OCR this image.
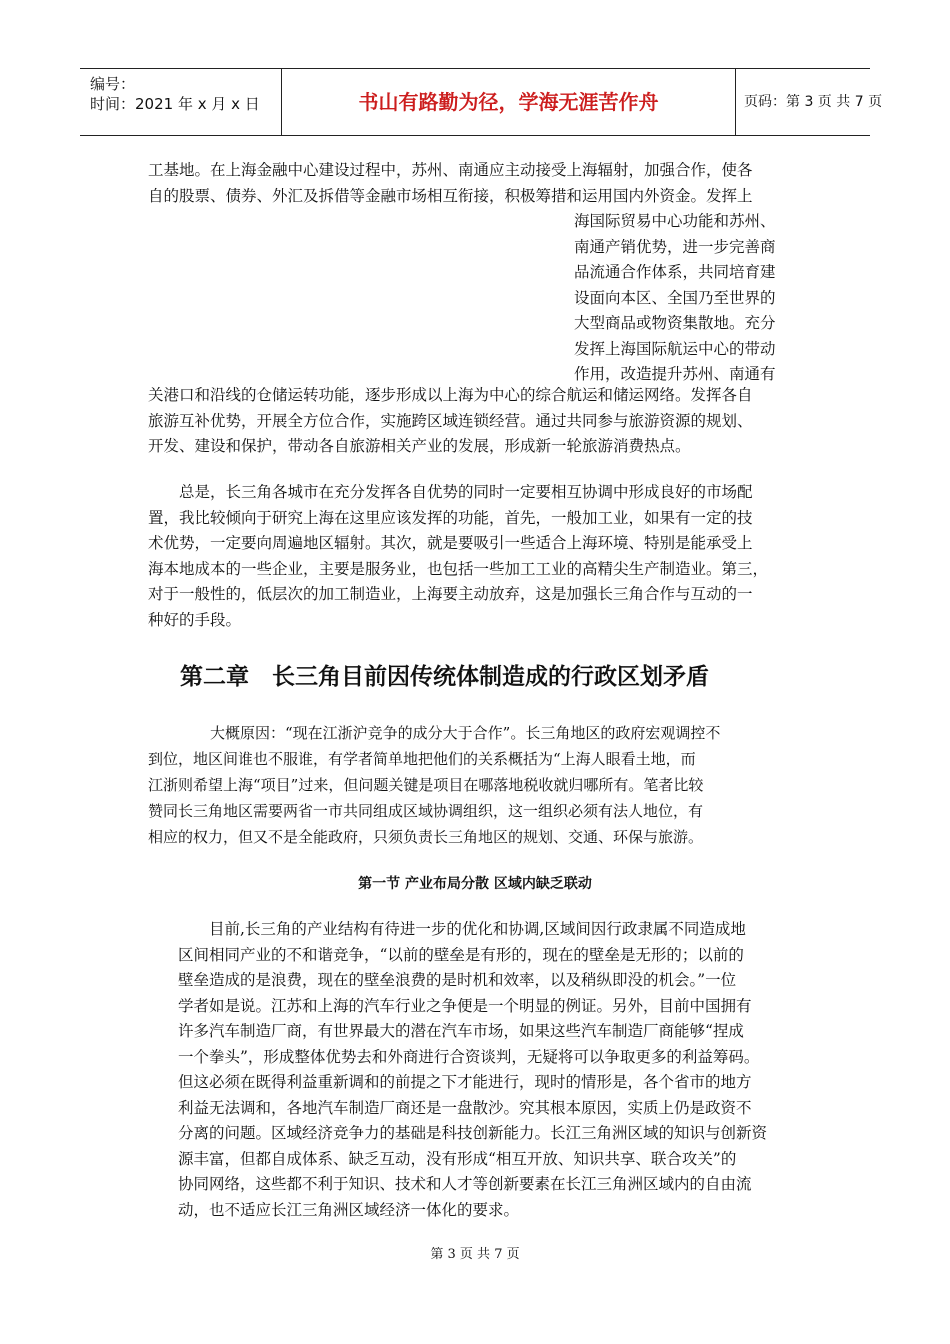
编号：
时间：2021 年 x 月 x 日	书山有路勤为径，学海无涯苦作舟	页码：第 3 页 共 7 页
工基地。在上海金融中心建设过程中，苏州、南通应主动接受上海辐射，加强合作，使各
自的股票、债券、外汇及拆借等金融市场相互衔接，积极筹措和运用国内外资金。发挥上
海国际贸易中心功能和苏州、
南通产销优势，进一步完善商
品流通合作体系，共同培育建
设面向本区、全国乃至世界的
大型商品或物资集散地。充分
发挥上海国际航运中心的带动
作用，改造提升苏州、南通有
关港口和沿线的仓储运转功能，逐步形成以上海为中心的综合航运和储运网络。发挥各自
旅游互补优势，开展全方位合作，实施跨区域连锁经营。通过共同参与旅游资源的规划、
开发、建设和保护，带动各自旅游相关产业的发展，形成新一轮旅游消费热点。
总是，长三角各城市在充分发挥各自优势的同时一定要相互协调中形成良好的市场配
置，我比较倾向于研究上海在这里应该发挥的功能，首先，一般加工业，如果有一定的技
术优势，一定要向周遍地区辐射。其次，就是要吸引一些适合上海环境、特别是能承受上
海本地成本的一些企业，主要是服务业，也包括一些加工工业的高精尖生产制造业。第三，
对于一般性的，低层次的加工制造业，上海要主动放弃，这是加强长三角合作与互动的一
种好的手段。
第二章　长三角目前因传统体制造成的行政区划矛盾
大概原因：“现在江浙沪竞争的成分大于合作”。长三角地区的政府宏观调控不
到位，地区间谁也不服谁，有学者简单地把他们的关系概括为“上海人眼看土地，而
江浙则希望上海“项目”过来，但问题关键是项目在哪落地税收就归哪所有。笔者比较
赞同长三角地区需要两省一市共同组成区域协调组织，这一组织必须有法人地位，有
相应的权力，但又不是全能政府，只须负责长三角地区的规划、交通、环保与旅游。
第一节 产业布局分散 区域内缺乏联动
目前,长三角的产业结构有待进一步的优化和协调,区域间因行政隶属不同造成地
区间相同产业的不和谐竞争，“以前的壁垒是有形的，现在的壁垒是无形的；以前的
壁垒造成的是浪费，现在的壁垒浪费的是时机和效率，以及稍纵即没的机会。”一位
学者如是说。江苏和上海的汽车行业之争便是一个明显的例证。另外，目前中国拥有
许多汽车制造厂商，有世界最大的潜在汽车市场，如果这些汽车制造厂商能够“捏成
一个拳头”，形成整体优势去和外商进行合资谈判，无疑将可以争取更多的利益筹码。
但这必须在既得利益重新调和的前提之下才能进行，现时的情形是，各个省市的地方
利益无法调和，各地汽车制造厂商还是一盘散沙。究其根本原因，实质上仍是政资不
分离的问题。区域经济竞争力的基础是科技创新能力。长江三角洲区域的知识与创新资
源丰富，但都自成体系、缺乏互动，没有形成“相互开放、知识共享、联合攻关”的
协同网络，这些都不利于知识、技术和人才等创新要素在长江三角洲区域内的自由流
动，也不适应长江三角洲区域经济一体化的要求。
第 3 页 共 7 页
